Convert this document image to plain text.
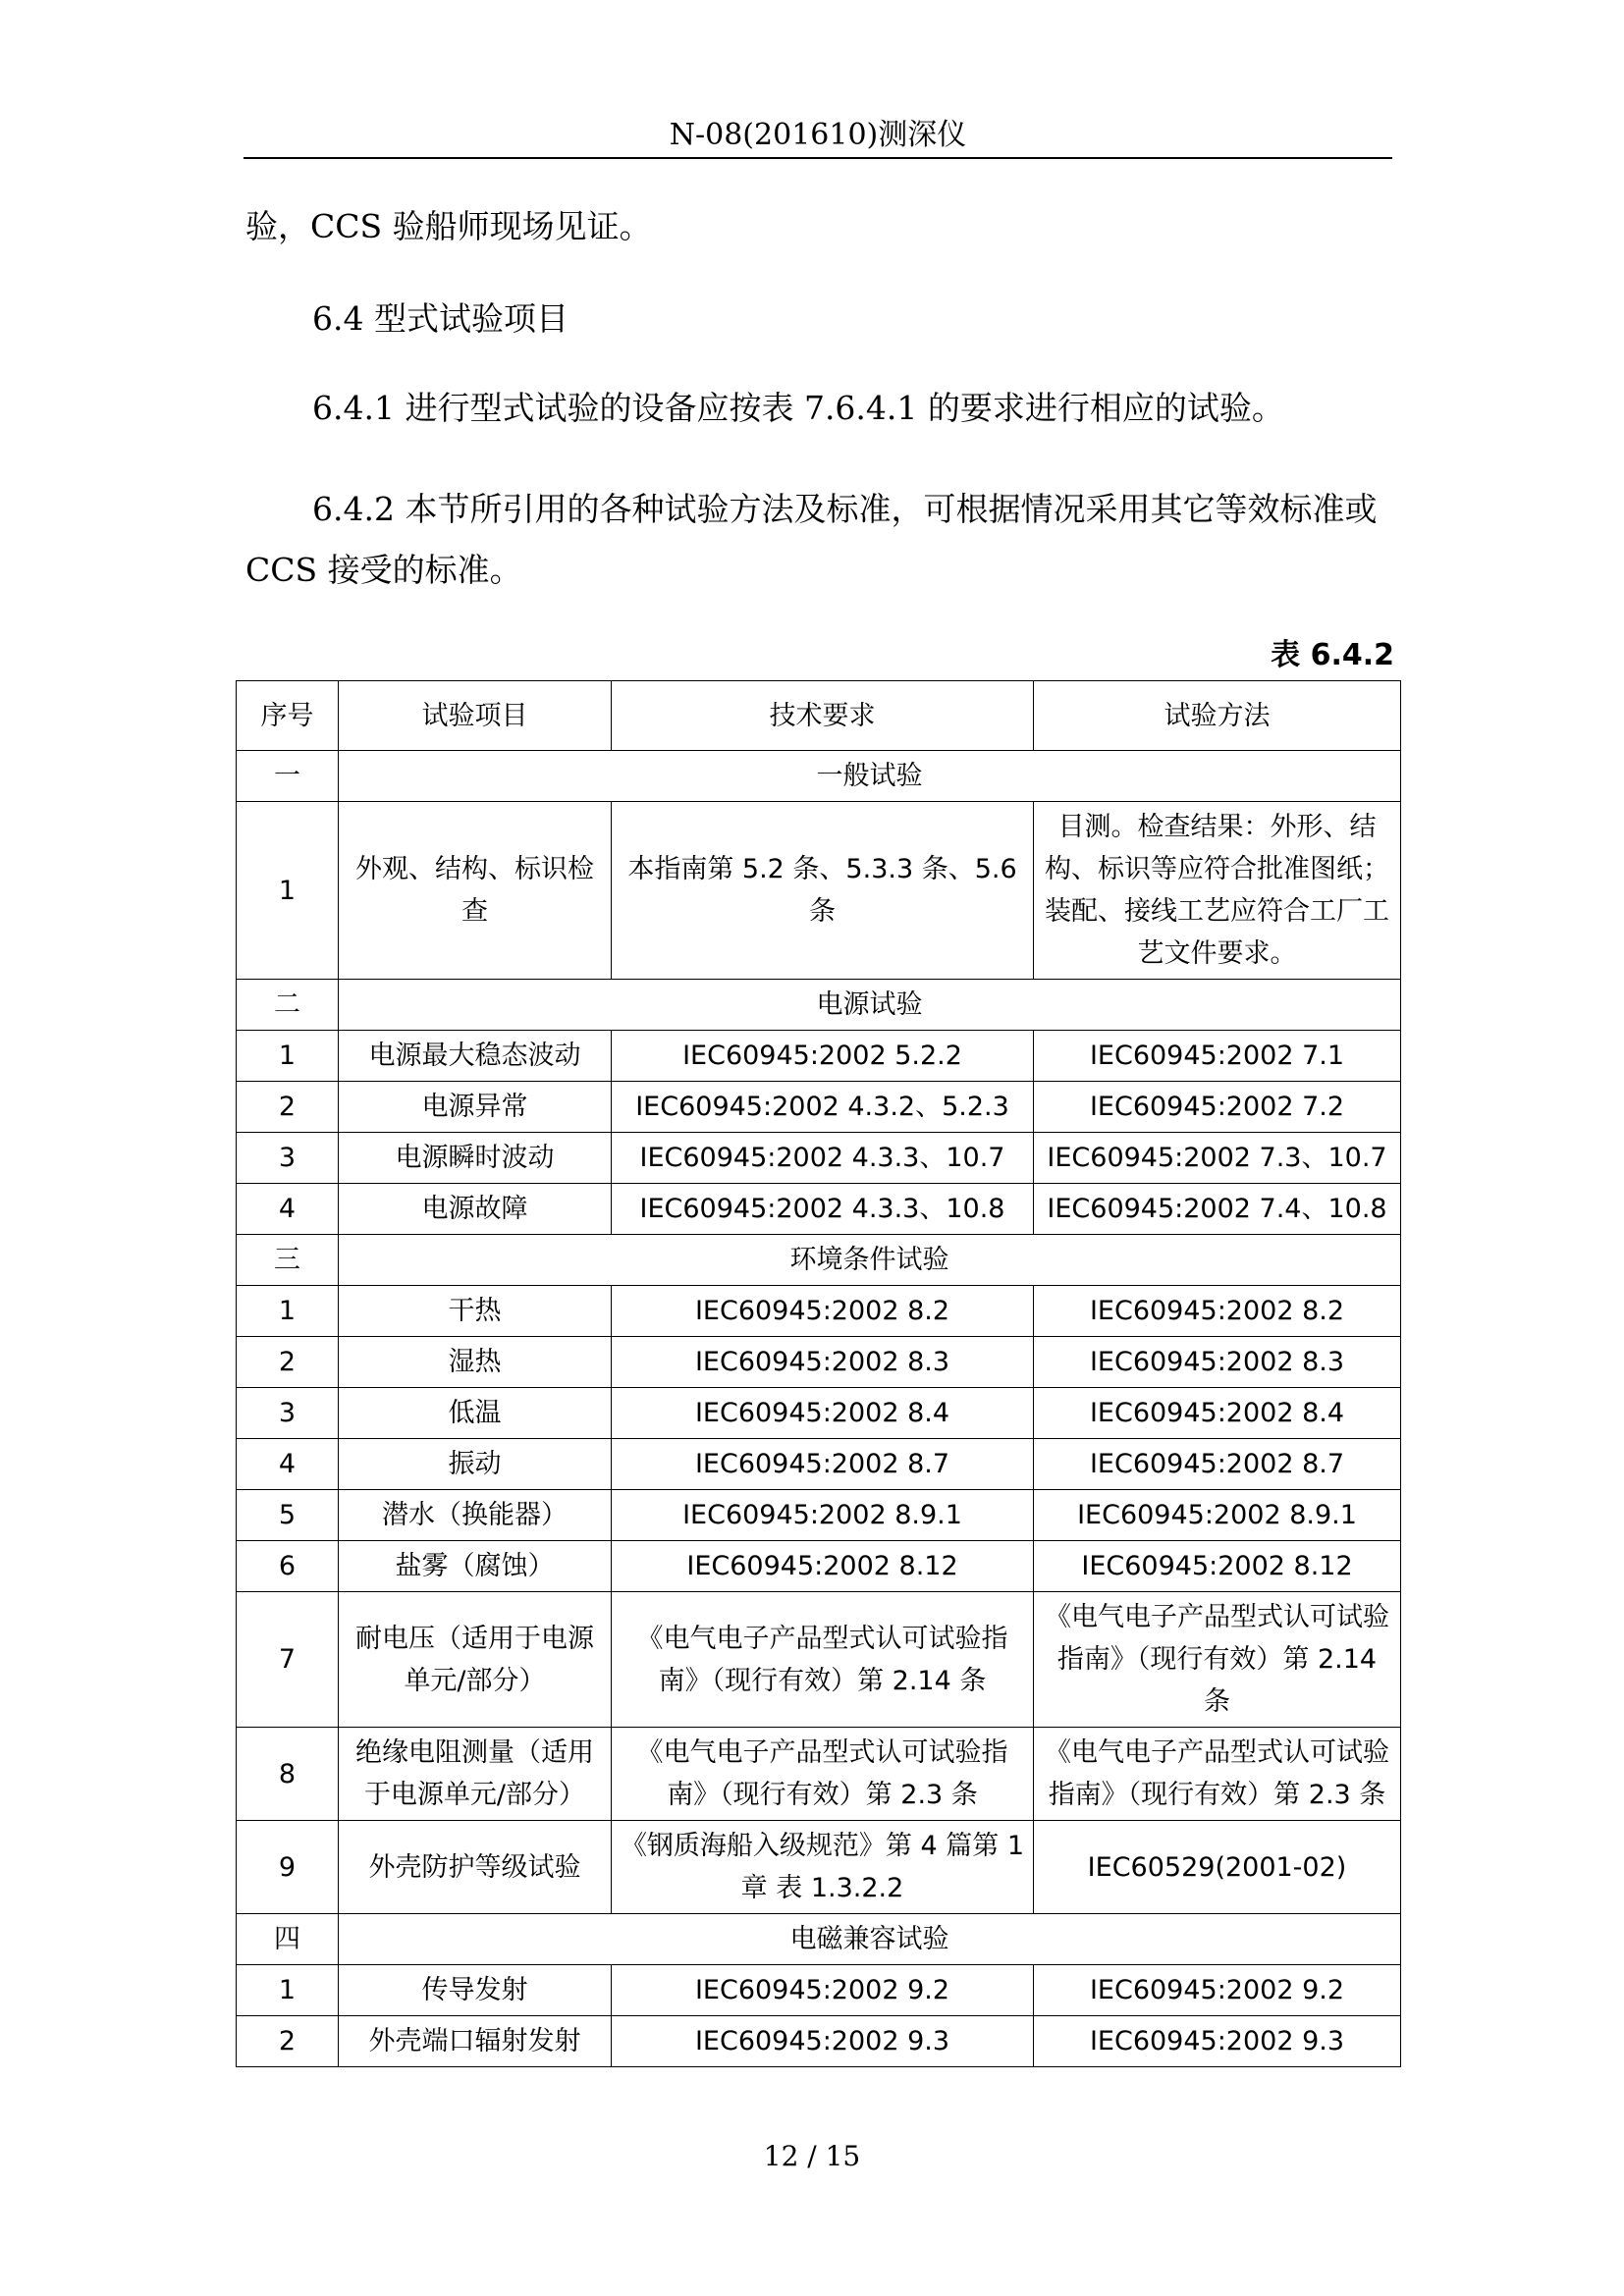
N-08(201610)测深仪

验，CCS 验船师现场见证。

6.4 型式试验项目

6.4.1 进行型式试验的设备应按表 7.6.4.1 的要求进行相应的试验。

6.4.2 本节所引用的各种试验方法及标准，可根据情况采用其它等效标准或CCS 接受的标准。

表 6.4.2
序号	试验项目	技术要求	试验方法
一	一般试验		
1	外观、结构、标识检查	本指南第 5.2 条、5.3.3 条、5.6 条	目测。检查结果：外形、结构、标识等应符合批准图纸；装配、接线工艺应符合工厂工艺文件要求。
二	电源试验		
1	电源最大稳态波动	IEC60945:2002 5.2.2	IEC60945:2002 7.1
2	电源异常	IEC60945:2002 4.3.2、5.2.3	IEC60945:2002 7.2
3	电源瞬时波动	IEC60945:2002 4.3.3、10.7	IEC60945:2002 7.3、10.7
4	电源故障	IEC60945:2002 4.3.3、10.8	IEC60945:2002 7.4、10.8
三	环境条件试验		
1	干热	IEC60945:2002 8.2	IEC60945:2002 8.2
2	湿热	IEC60945:2002 8.3	IEC60945:2002 8.3
3	低温	IEC60945:2002 8.4	IEC60945:2002 8.4
4	振动	IEC60945:2002 8.7	IEC60945:2002 8.7
5	潜水（换能器）	IEC60945:2002 8.9.1	IEC60945:2002 8.9.1
6	盐雾（腐蚀）	IEC60945:2002 8.12	IEC60945:2002 8.12
7	耐电压（适用于电源单元/部分）	《电气电子产品型式认可试验指南》（现行有效）第 2.14 条	《电气电子产品型式认可试验指南》（现行有效）第 2.14 条
8	绝缘电阻测量（适用于电源单元/部分）	《电气电子产品型式认可试验指南》（现行有效）第 2.3 条	《电气电子产品型式认可试验指南》（现行有效）第 2.3 条
9	外壳防护等级试验	《钢质海船入级规范》第 4 篇第 1 章 表 1.3.2.2	IEC60529(2001-02)
四	电磁兼容试验		
1	传导发射	IEC60945:2002 9.2	IEC60945:2002 9.2
2	外壳端口辐射发射	IEC60945:2002 9.3	IEC60945:2002 9.3
12 / 15
